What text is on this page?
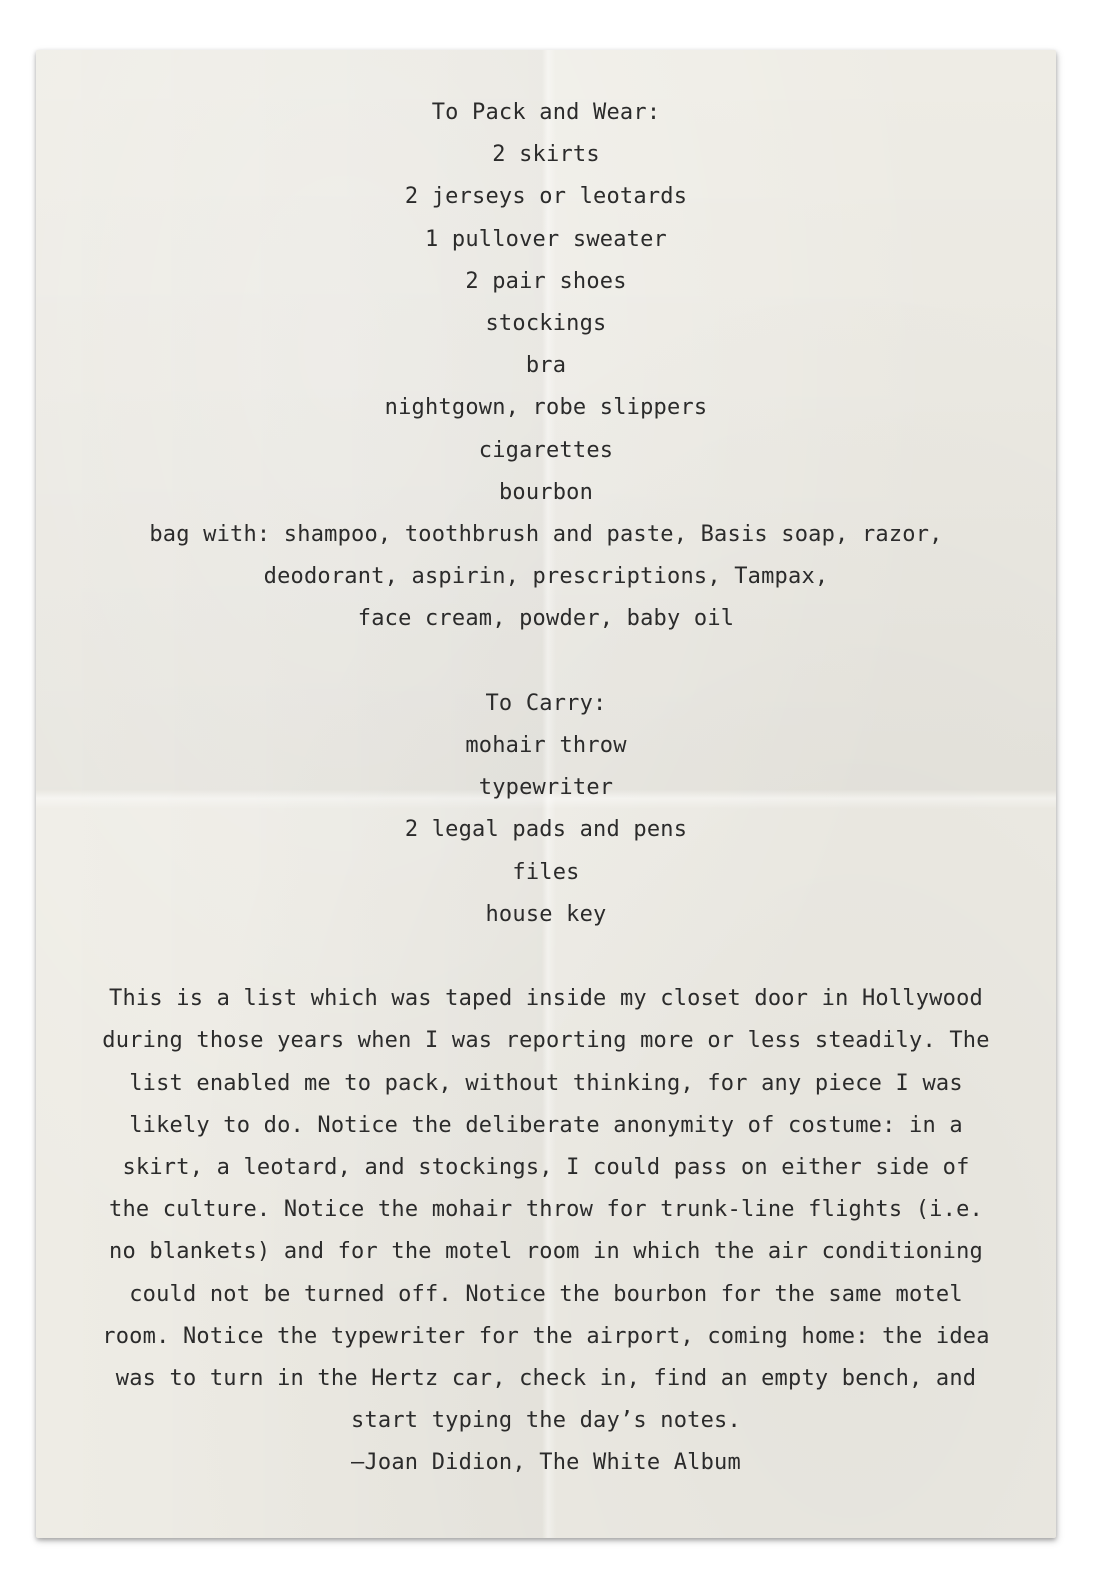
To Pack and Wear:
2 skirts
2 jerseys or leotards
1 pullover sweater
2 pair shoes
stockings
bra
nightgown, robe slippers
cigarettes
bourbon
bag with: shampoo, toothbrush and paste, Basis soap, razor,
deodorant, aspirin, prescriptions, Tampax,
face cream, powder, baby oil
To Carry:
mohair throw
typewriter
2 legal pads and pens
files
house key
This is a list which was taped inside my closet door in Hollywood
during those years when I was reporting more or less steadily. The
list enabled me to pack, without thinking, for any piece I was
likely to do. Notice the deliberate anonymity of costume: in a
skirt, a leotard, and stockings, I could pass on either side of
the culture. Notice the mohair throw for trunk-line flights (i.e.
no blankets) and for the motel room in which the air conditioning
could not be turned off. Notice the bourbon for the same motel
room. Notice the typewriter for the airport, coming home: the idea
was to turn in the Hertz car, check in, find an empty bench, and
start typing the day’s notes.
–Joan Didion, The White Album
